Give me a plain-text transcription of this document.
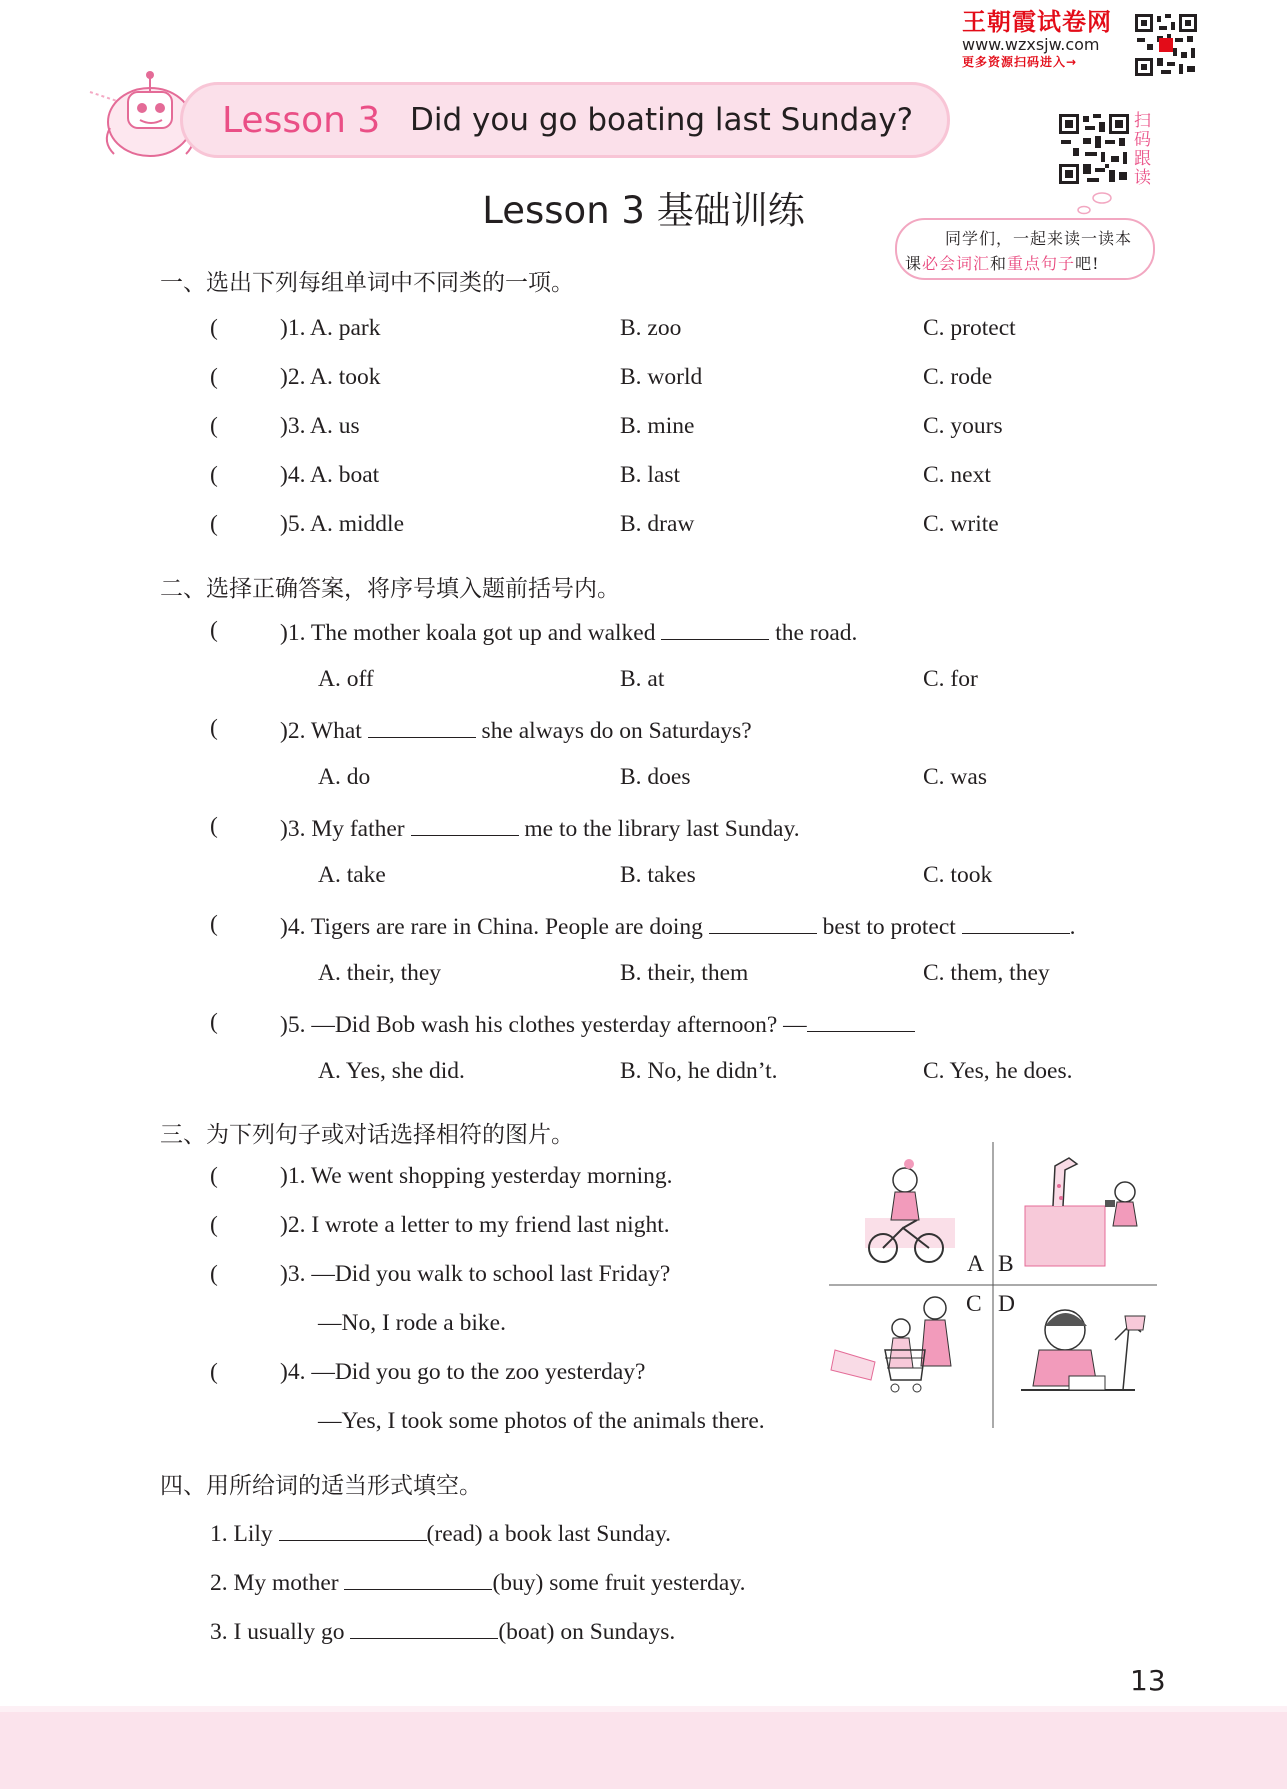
王朝霞试卷网
www.wzxsjw.com
更多资源扫码进入→
Lesson 3 Did you go boating last Sunday?	扫码跟读
Lesson 3 基础训练
同学们，一起来读一读本
课必会词汇和重点句子吧!
一、选出下列每组单词中不同类的一项。
(	)1. A. park	B. zoo	C. protect
(	)2. A. took	B. world	C. rode
(	)3. A. us	B. mine	C. yours
(	)4. A. boat	B. last	C. next
(	)5. A. middle	B. draw	C. write
二、选择正确答案，将序号填入题前括号内。
(	)1. The mother koala got up and walked	the road.
A. off	B. at	C. for
(	)2. What	she always do on Saturdays?
A. do	B. does	C. was
(	)3. My father	me to the library last Sunday.
A. take	B. takes	C. took
(	)4. Tigers are rare in China. People are doing	best to protect	.
A. their, they	B. their, them	C. them, they
(	)5. —Did Bob wash his clothes yesterday afternoon? —
A. Yes, she did.	B. No, he didn’t.	C. Yes, he does.
三、为下列句子或对话选择相符的图片。
(	)1. We went shopping yesterday morning.
(	)2. I wrote a letter to my friend last night.
(	)3. —Did you walk to school last Friday?
—No, I rode a bike.
(	)4. —Did you go to the zoo yesterday?
—Yes, I took some photos of the animals there.
A B
C D
四、用所给词的适当形式填空。
1. Lily	(read) a book last Sunday.
2. My mother	(buy) some fruit yesterday.
3. I usually go	(boat) on Sundays.
13
